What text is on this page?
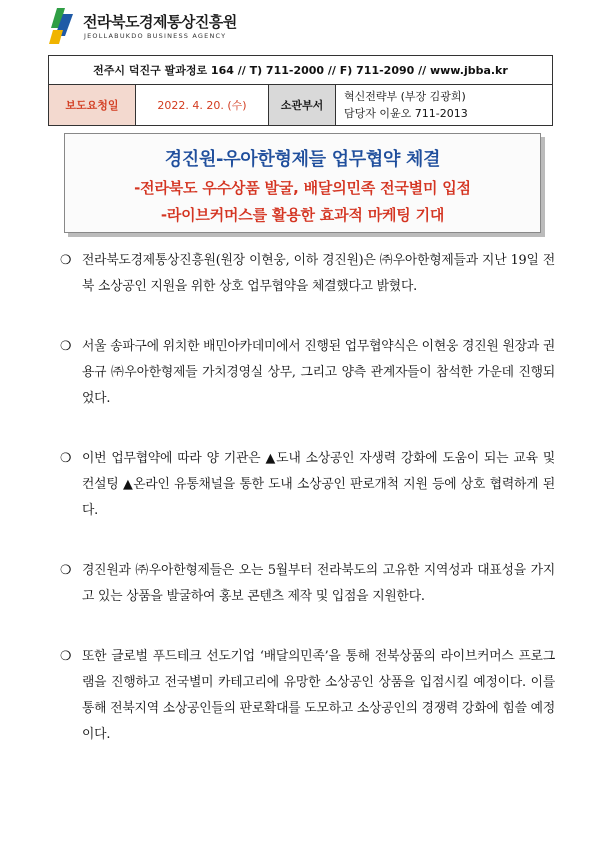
전라북도경제통상진흥원
JEOLLABUKDO BUSINESS AGENCY
전주시 덕진구 팔과정로 164 // T) 711-2000 // F) 711-2090 // www.jbba.kr
보도요청일	2022. 4. 20. (수)	소관부서	
혁신전략부 (부장 김광희)
담당자 이윤오 711-2013
경진원-우아한형제들 업무협약 체결
-전라북도 우수상품 발굴, 배달의민족 전국별미 입점
-라이브커머스를 활용한 효과적 마케팅 기대
❍ 전라북도경제통상진흥원(원장 이현웅, 이하 경진원)은 ㈜우아한형제들과 지난 19일 전북 소상공인 지원을 위한 상호 업무협약을 체결했다고 밝혔다.
❍ 서울 송파구에 위치한 배민아카데미에서 진행된 업무협약식은 이현웅 경진원 원장과 권용규 ㈜우아한형제들 가치경영실 상무, 그리고 양측 관계자들이 참석한 가운데 진행되었다.
❍ 이번 업무협약에 따라 양 기관은 ▲도내 소상공인 자생력 강화에 도움이 되는 교육 및 컨설팅 ▲온라인 유통채널을 통한 도내 소상공인 판로개척 지원 등에 상호 협력하게 된다.
❍ 경진원과 ㈜우아한형제들은 오는 5월부터 전라북도의 고유한 지역성과 대표성을 가지고 있는 상품을 발굴하여 홍보 콘텐츠 제작 및 입점을 지원한다.
❍ 또한 글로벌 푸드테크 선도기업 ‘배달의민족’을 통해 전북상품의 라이브커머스 프로그램을 진행하고 전국별미 카테고리에 유망한 소상공인 상품을 입점시킬 예정이다. 이를 통해 전북지역 소상공인들의 판로확대를 도모하고 소상공인의 경쟁력 강화에 힘쓸 예정이다.
